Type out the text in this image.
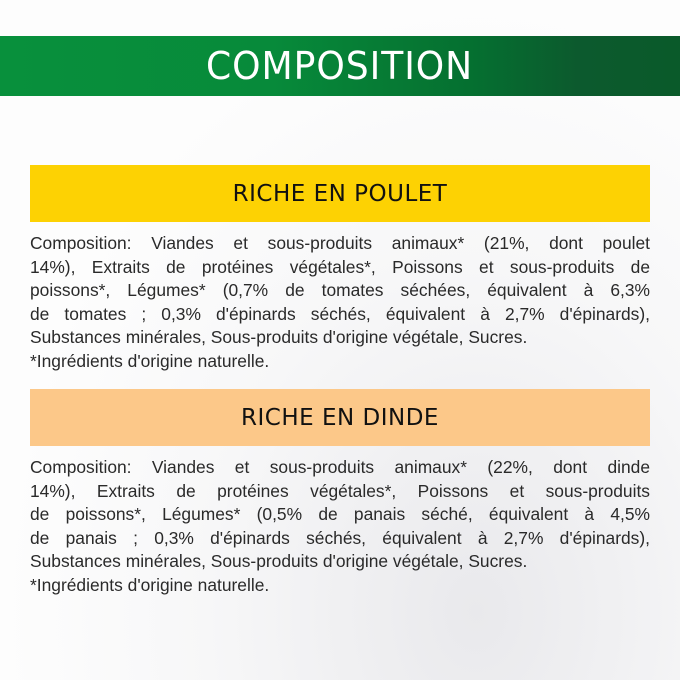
COMPOSITION
RICHE EN POULET
Composition: Viandes et sous-produits animaux* (21%, dont poulet
14%), Extraits de protéines végétales*, Poissons et sous-produits de
poissons*, Légumes* (0,7% de tomates séchées, équivalent à 6,3%
de tomates ; 0,3% d'épinards séchés, équivalent à 2,7% d'épinards),
Substances minérales, Sous-produits d'origine végétale, Sucres.
*Ingrédients d'origine naturelle.
RICHE EN DINDE
Composition: Viandes et sous-produits animaux* (22%, dont dinde
14%), Extraits de protéines végétales*, Poissons et sous-produits
de poissons*, Légumes* (0,5% de panais séché, équivalent à 4,5%
de panais ; 0,3% d'épinards séchés, équivalent à 2,7% d'épinards),
Substances minérales, Sous-produits d'origine végétale, Sucres.
*Ingrédients d'origine naturelle.
